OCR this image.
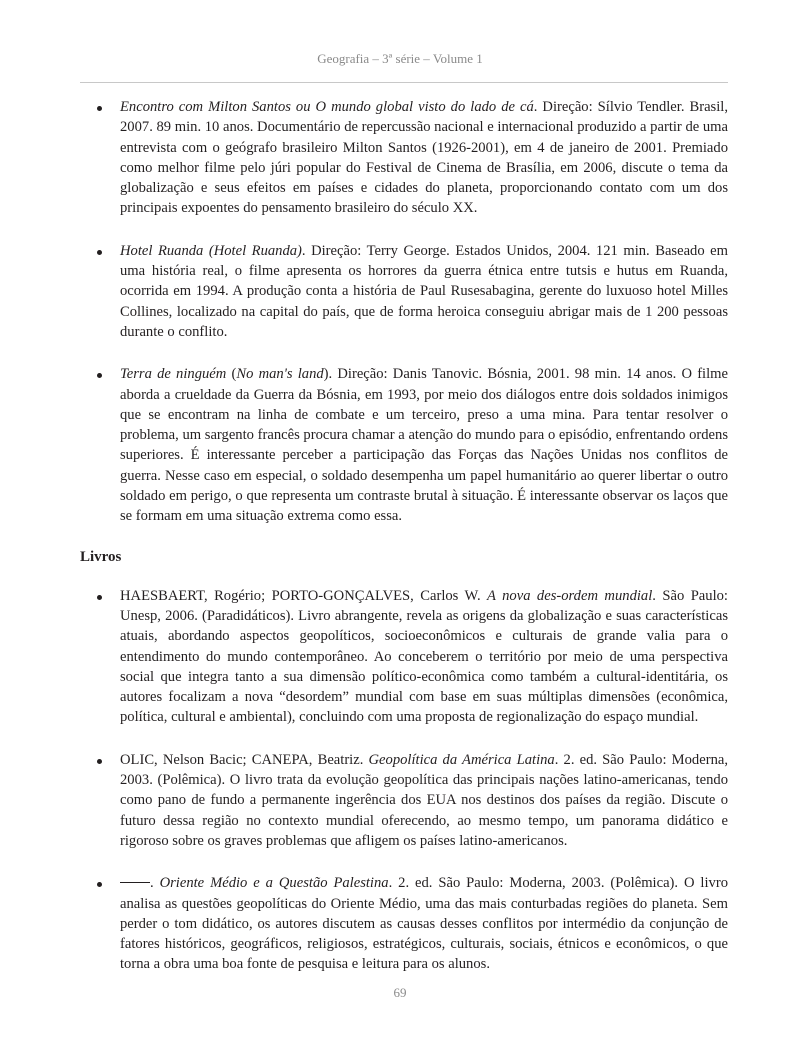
Geografia – 3ª série – Volume 1

Encontro com Milton Santos ou O mundo global visto do lado de cá. Direção: Sílvio Tendler. Brasil, 2007. 89 min. 10 anos. Documentário de repercussão nacional e internacional produzido a partir de uma entrevista com o geógrafo brasileiro Milton Santos (1926-2001), em 4 de janeiro de 2001. Premiado como melhor filme pelo júri popular do Festival de Cinema de Brasília, em 2006, discute o tema da globalização e seus efeitos em países e cidades do planeta, proporcionando contato com um dos principais expoentes do pensamento brasileiro do século XX.

Hotel Ruanda (Hotel Ruanda). Direção: Terry George. Estados Unidos, 2004. 121 min. Baseado em uma história real, o filme apresenta os horrores da guerra étnica entre tutsis e hutus em Ruanda, ocorrida em 1994. A produção conta a história de Paul Rusesabagina, gerente do luxuoso hotel Milles Collines, localizado na capital do país, que de forma heroica conseguiu abrigar mais de 1 200 pessoas durante o conflito.

Terra de ninguém (No man's land). Direção: Danis Tanovic. Bósnia, 2001. 98 min. 14 anos. O filme aborda a crueldade da Guerra da Bósnia, em 1993, por meio dos diálogos entre dois soldados inimigos que se encontram na linha de combate e um terceiro, preso a uma mina. Para tentar resolver o problema, um sargento francês procura chamar a atenção do mundo para o episódio, enfrentando ordens superiores. É interessante perceber a participação das Forças das Nações Unidas nos conflitos de guerra. Nesse caso em especial, o soldado desempenha um papel humanitário ao querer libertar o outro soldado em perigo, o que representa um contraste brutal à situação. É interessante observar os laços que se formam em uma situação extrema como essa.

Livros

HAESBAERT, Rogério; PORTO-GONÇALVES, Carlos W. A nova des-ordem mundial. São Paulo: Unesp, 2006. (Paradidáticos). Livro abrangente, revela as origens da globalização e suas características atuais, abordando aspectos geopolíticos, socioeconômicos e culturais de grande valia para o entendimento do mundo contemporâneo. Ao conceberem o território por meio de uma perspectiva social que integra tanto a sua dimensão político-econômica como também a cultural-identitária, os autores focalizam a nova “desordem” mundial com base em suas múltiplas dimensões (econômica, política, cultural e ambiental), concluindo com uma proposta de regionalização do espaço mundial.

OLIC, Nelson Bacic; CANEPA, Beatriz. Geopolítica da América Latina. 2. ed. São Paulo: Moderna, 2003. (Polêmica). O livro trata da evolução geopolítica das principais nações latino-americanas, tendo como pano de fundo a permanente ingerência dos EUA nos destinos dos países da região. Discute o futuro dessa região no contexto mundial oferecendo, ao mesmo tempo, um panorama didático e rigoroso sobre os graves problemas que afligem os países latino-americanos.

. Oriente Médio e a Questão Palestina. 2. ed. São Paulo: Moderna, 2003. (Polêmica). O livro analisa as questões geopolíticas do Oriente Médio, uma das mais conturbadas regiões do planeta. Sem perder o tom didático, os autores discutem as causas desses conflitos por intermédio da conjunção de fatores históricos, geográficos, religiosos, estratégicos, culturais, sociais, étnicos e econômicos, o que torna a obra uma boa fonte de pesquisa e leitura para os alunos.

69
